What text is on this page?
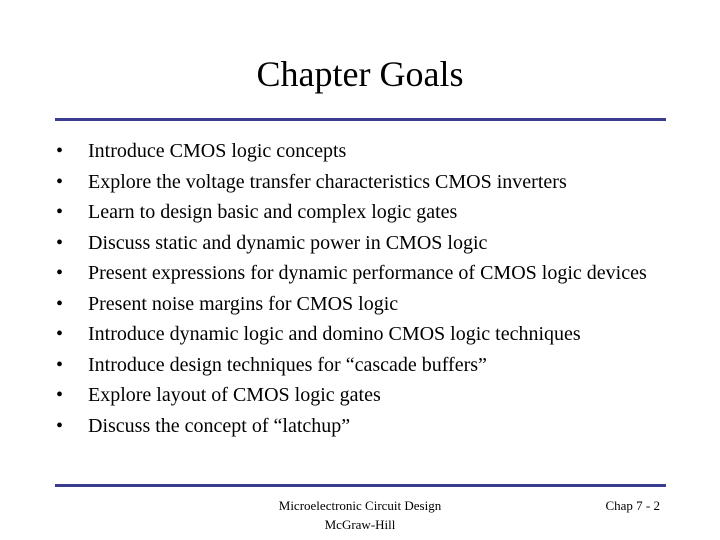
Chapter Goals
•	Introduce CMOS logic concepts
•	Explore the voltage transfer characteristics CMOS inverters
•	Learn to design basic and complex logic gates
•	Discuss static and dynamic power in CMOS logic
•	Present expressions for dynamic performance of CMOS logic devices
•	Present noise margins for CMOS logic
•	Introduce dynamic logic and domino CMOS logic techniques
•	Introduce design techniques for “cascade buffers”
•	Explore layout of CMOS logic gates
•	Discuss the concept of “latchup”
Microelectronic Circuit Design
McGraw-Hill
Chap 7 - 2
